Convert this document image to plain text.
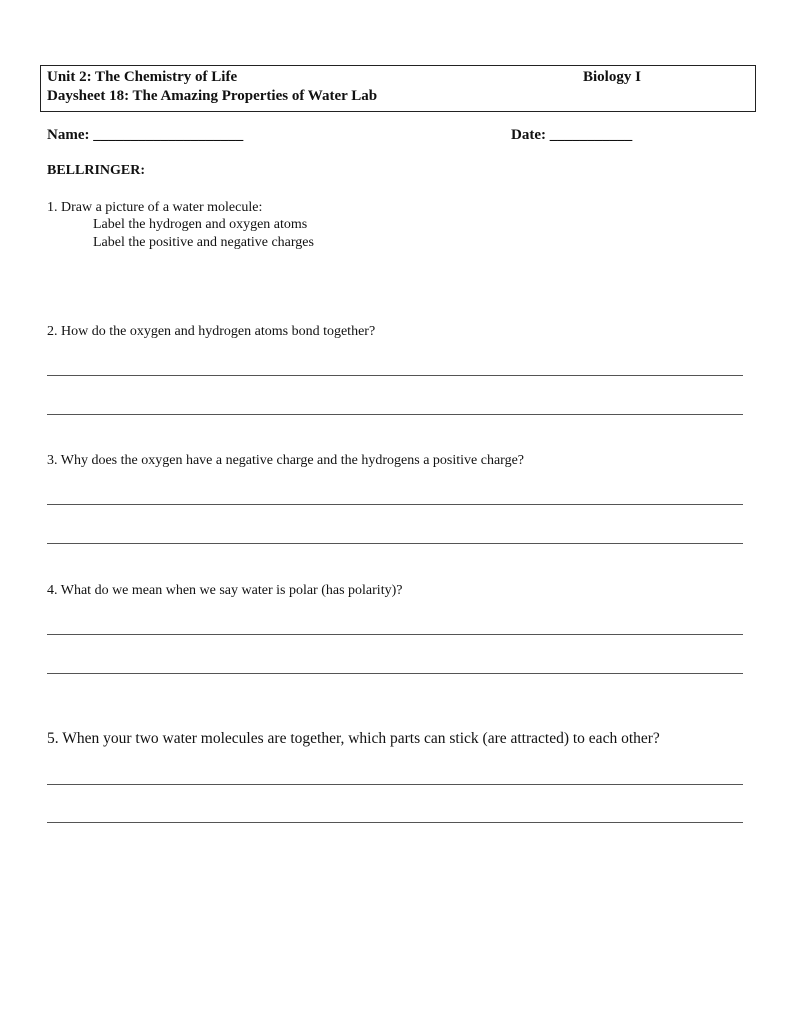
Unit 2: The Chemistry of Life	Biology I
Daysheet 18: The Amazing Properties of Water Lab
Name: ____________________	Date: ___________
BELLRINGER:
1. Draw a picture of a water molecule:
Label the hydrogen and oxygen atoms
Label the positive and negative charges
2. How do the oxygen and hydrogen atoms bond together?
3. Why does the oxygen have a negative charge and the hydrogens a positive charge?
4. What do we mean when we say water is polar (has polarity)?
5. When your two water molecules are together, which parts can stick (are attracted) to each other?
